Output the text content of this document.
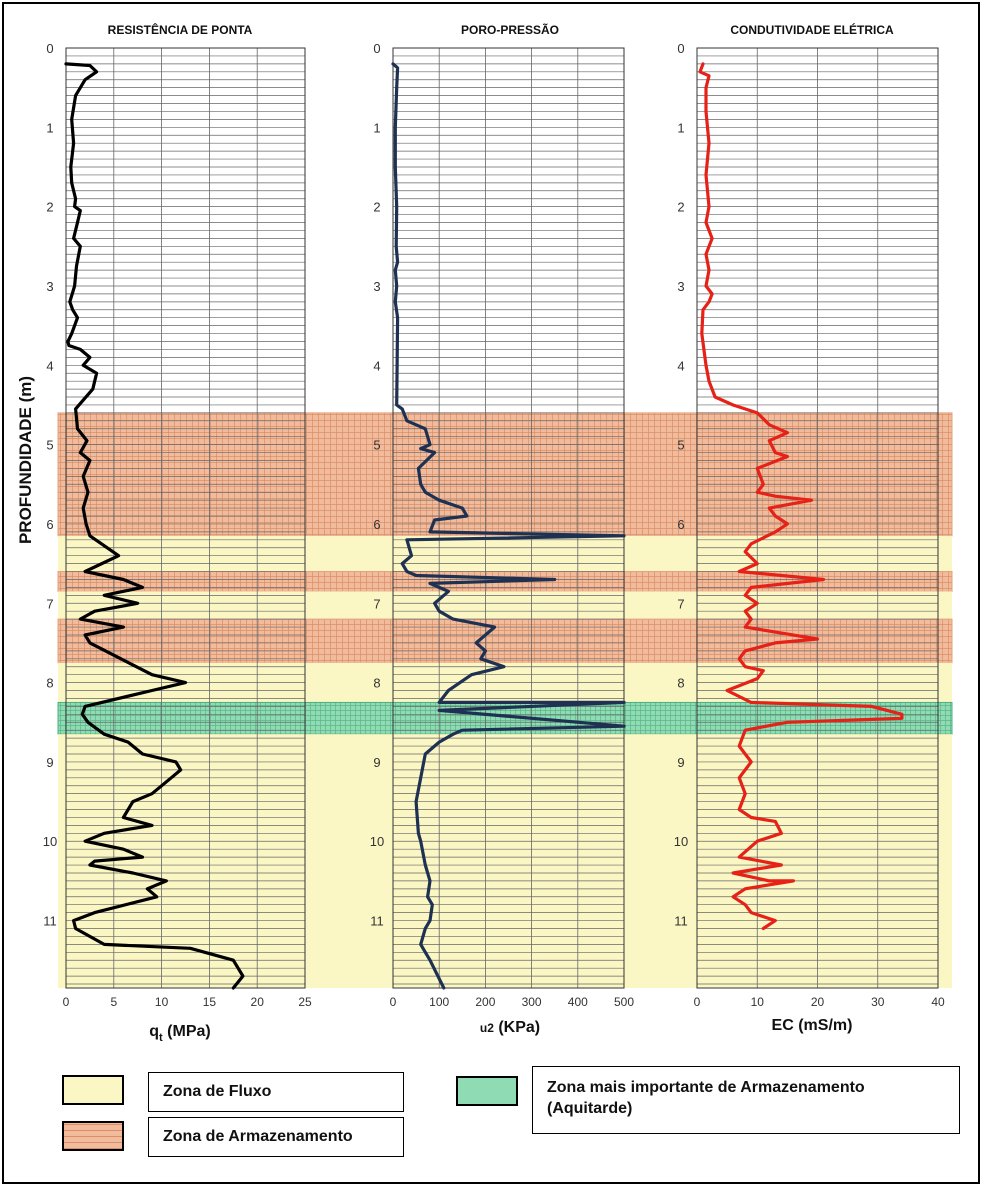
RESISTÊNCIA DE PONTA
0
1
2
3
4
5
6
7
8
9
10
11
0	5	10	15	20	25
$q_t$ (MPa)
PORO-PRESSÃO
0
1
2
3
4
5
6
7
8
9
10
11
0	100 200 300 400 500
u2 (KPa)
CONDUTIVIDADE ELÉTRICA
0
1
2
3
4
5
6
7
8
9
10
11
0	10	20	30	40
EC (mS/m)
PROFUNDIDADE (m)
Zona de Fluxo
Zona de Armazenamento
Zona mais importante de Armazenamento
(Aquitarde)
